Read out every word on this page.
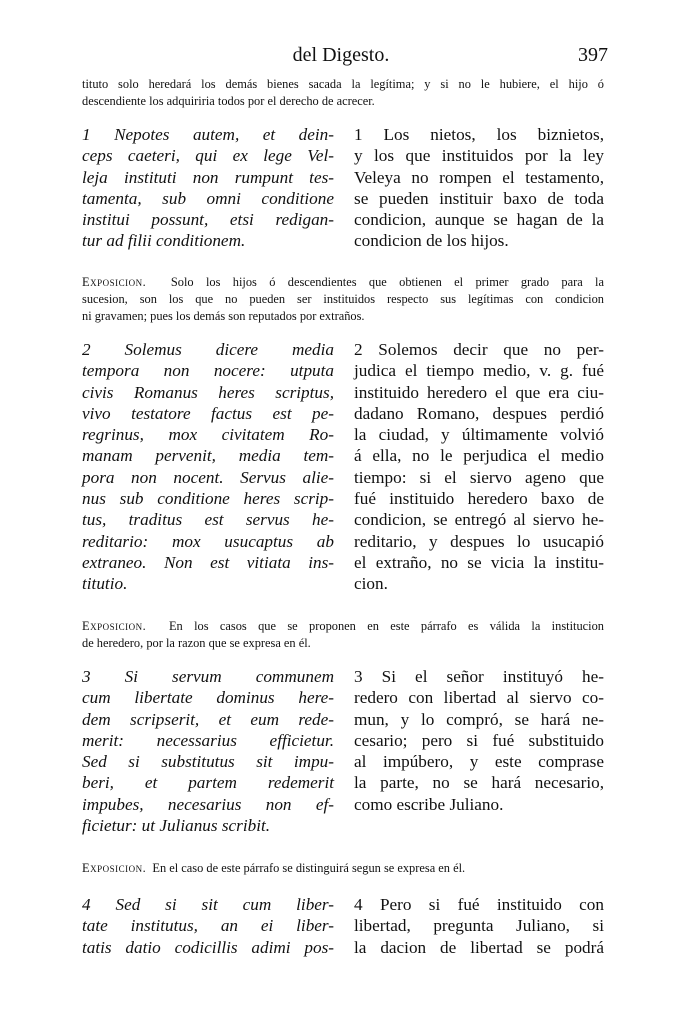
del Digesto.	397
tituto solo heredará los demás bienes sacada la legítima; y si no le hubiere, el hijo ó
descendiente los adquiriria todos por el derecho de acrecer.
1 Nepotes autem, et dein-
ceps caeteri, qui ex lege Vel-
leja instituti non rumpunt tes-
tamenta, sub omni conditione
institui possunt, etsi redigan-
tur ad filii conditionem.
1 Los nietos, los biznietos,
y los que instituidos por la ley
Veleya no rompen el testamento,
se pueden instituir baxo de toda
condicion, aunque se hagan de la
condicion de los hijos.
Exposicion. Solo los hijos ó descendientes que obtienen el primer grado para la
sucesion, son los que no pueden ser instituidos respecto sus legítimas con condicion
ni gravamen; pues los demás son reputados por extraños.
2 Solemus dicere media
tempora non nocere: utputa
civis Romanus heres scriptus,
vivo testatore factus est pe-
regrinus, mox civitatem Ro-
manam pervenit, media tem-
pora non nocent. Servus alie-
nus sub conditione heres scrip-
tus, traditus est servus he-
reditario: mox usucaptus ab
extraneo. Non est vitiata ins-
titutio.
2 Solemos decir que no per-
judica el tiempo medio, v. g. fué
instituido heredero el que era ciu-
dadano Romano, despues perdió
la ciudad, y últimamente volvió
á ella, no le perjudica el medio
tiempo: si el siervo ageno que
fué instituido heredero baxo de
condicion, se entregó al siervo he-
reditario, y despues lo usucapió
el extraño, no se vicia la institu-
cion.
Exposicion. En los casos que se proponen en este párrafo es válida la institucion
de heredero, por la razon que se expresa en él.
3 Si servum communem
cum libertate dominus here-
dem scripserit, et eum rede-
merit: necessarius efficietur.
Sed si substitutus sit impu-
beri, et partem redemerit
impubes, necesarius non ef-
ficietur: ut Julianus scribit.
3 Si el señor instituyó he-
redero con libertad al siervo co-
mun, y lo compró, se hará ne-
cesario; pero si fué substituido
al impúbero, y este comprase
la parte, no se hará necesario,
como escribe Juliano.
Exposicion. En el caso de este párrafo se distinguirá segun se expresa en él.
4 Sed si sit cum liber-
tate institutus, an ei liber-
tatis datio codicillis adimi pos-
4 Pero si fué instituido con
libertad, pregunta Juliano, si
la dacion de libertad se podrá
